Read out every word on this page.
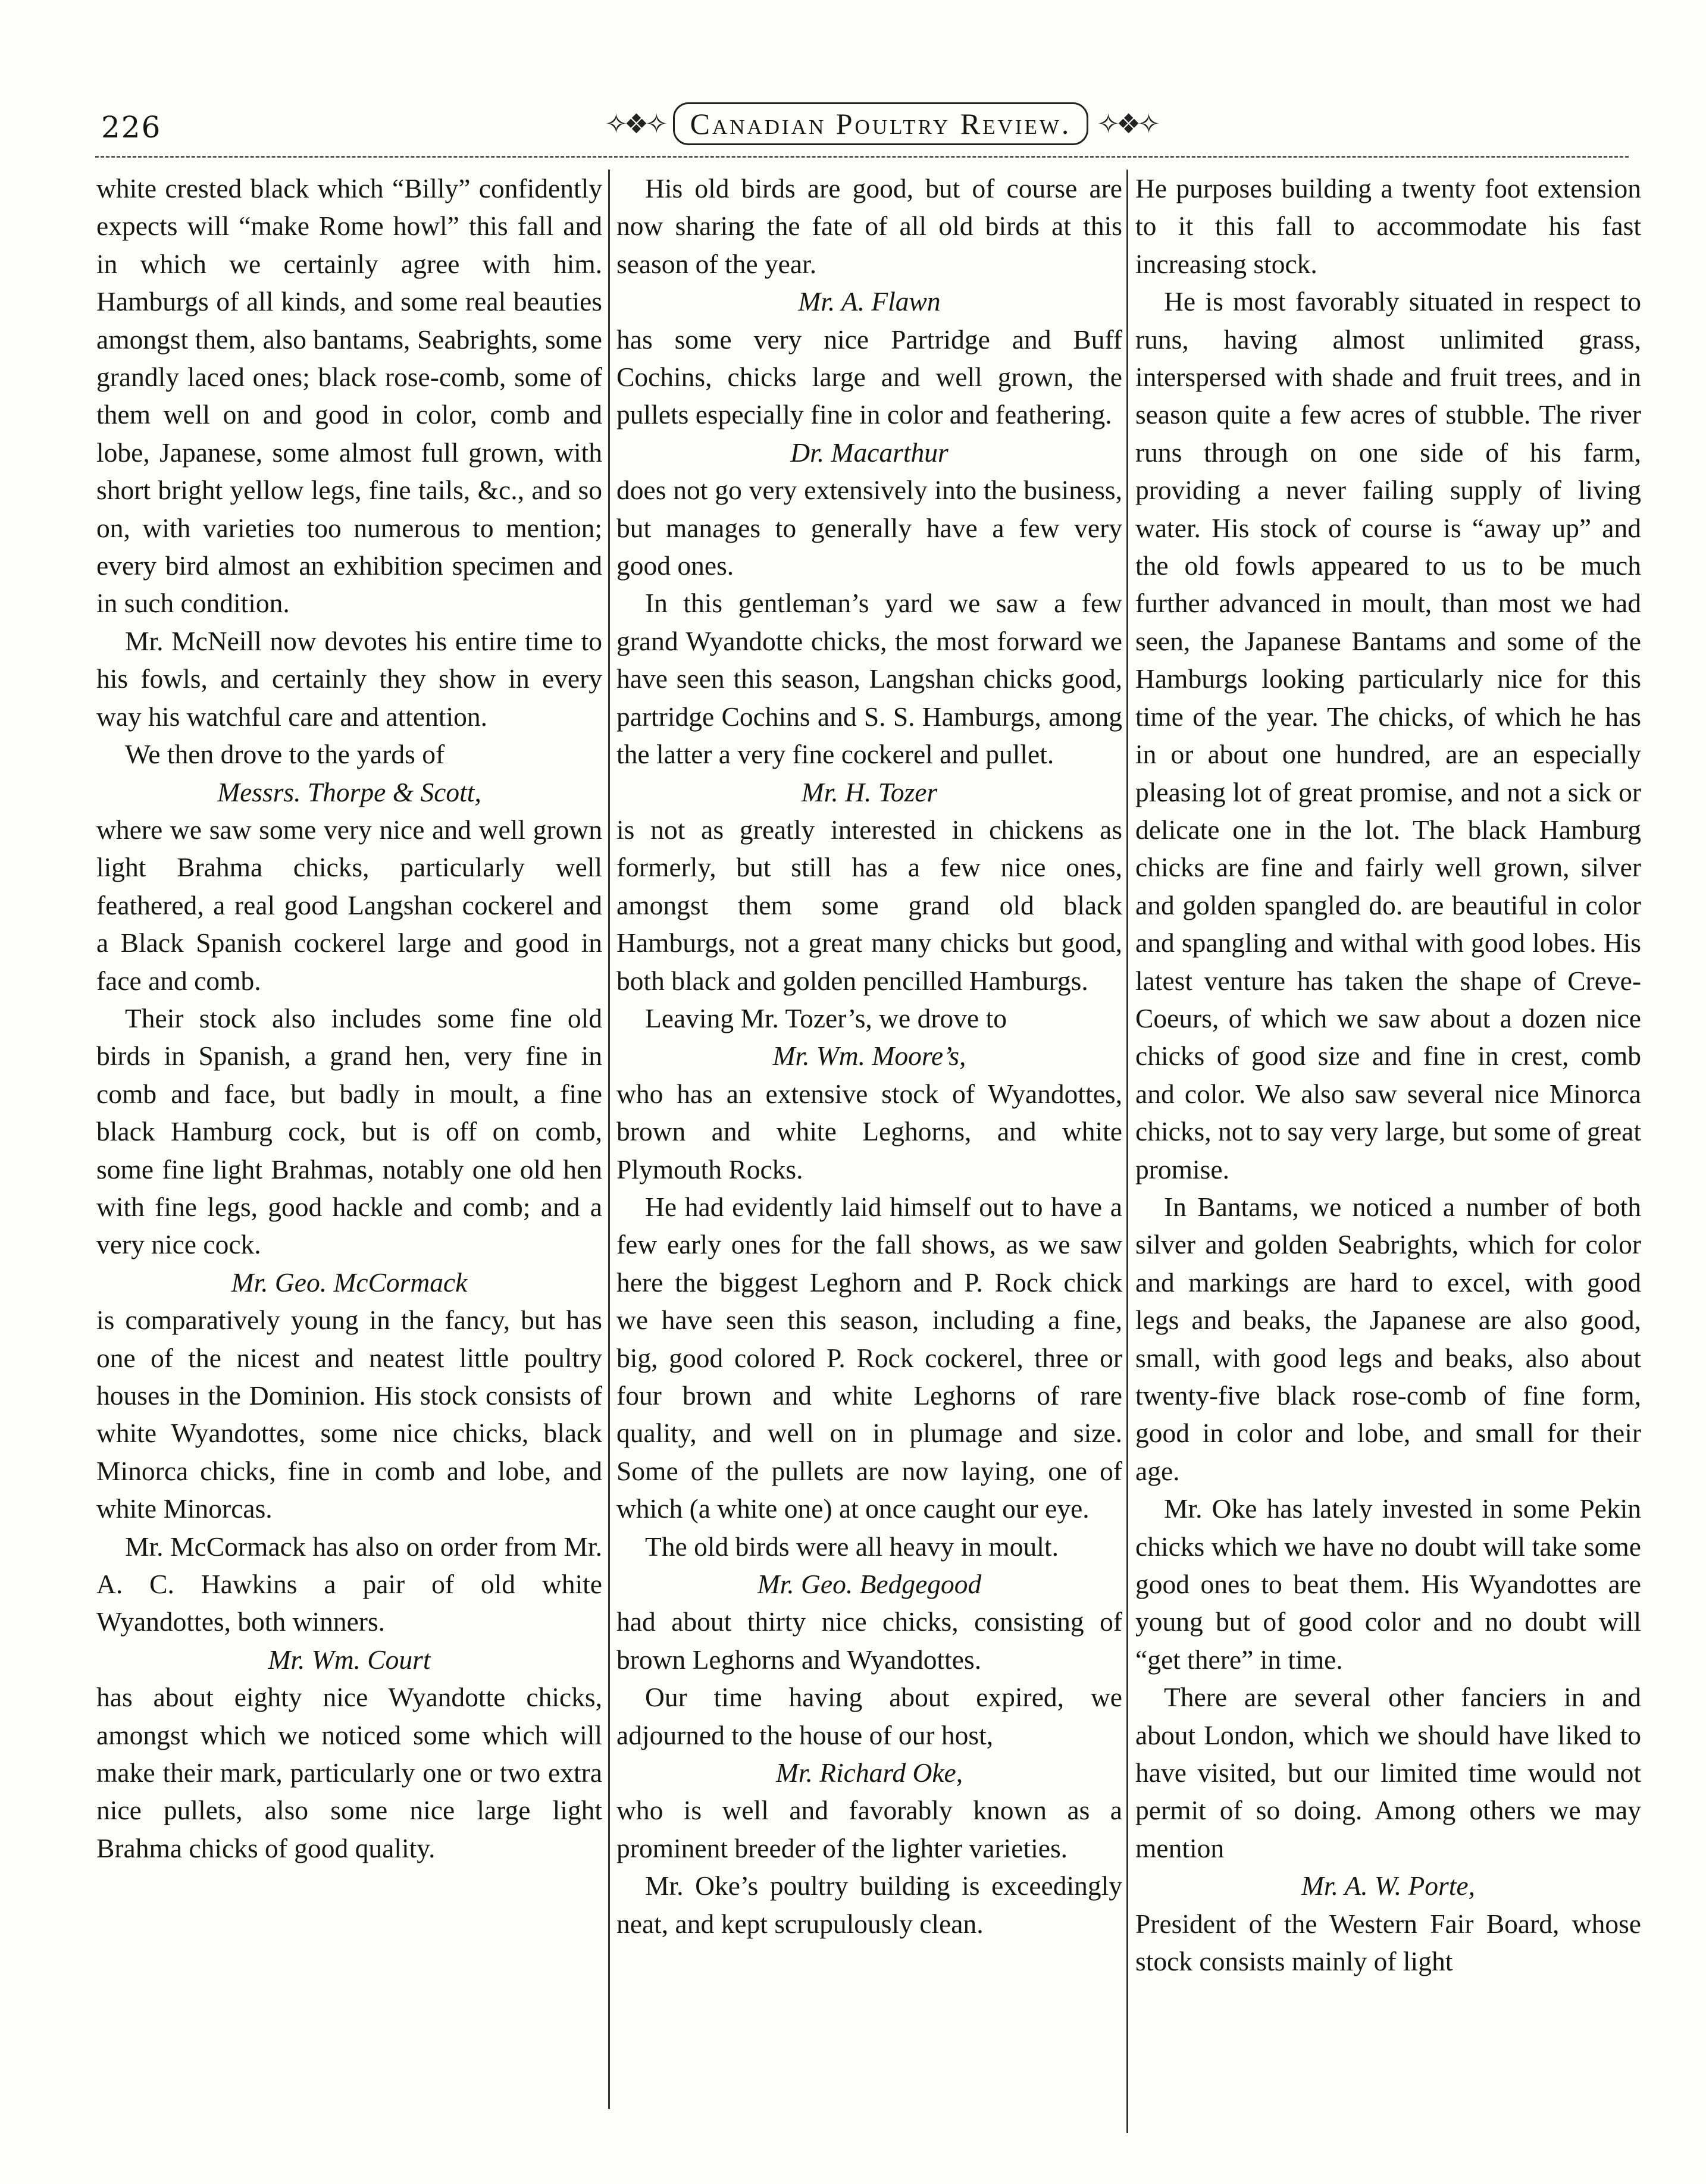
226	✧❖✧ Canadian Poultry Review. ✧❖✧

white crested black which “Billy” confidently expects will “make Rome howl” this fall and in which we certainly agree with him. Hamburgs of all kinds, and some real beauties amongst them, also bantams, Seabrights, some grandly laced ones; black rose-comb, some of them well on and good in color, comb and lobe, Japanese, some almost full grown, with short bright yellow legs, fine tails, &c., and so on, with varieties too numerous to mention; every bird almost an exhibition specimen and in such condition.

Mr. McNeill now devotes his entire time to his fowls, and certainly they show in every way his watchful care and attention.

We then drove to the yards of

Messrs. Thorpe & Scott,

where we saw some very nice and well grown light Brahma chicks, particularly well feathered, a real good Langshan cockerel and a Black Spanish cockerel large and good in face and comb.

Their stock also includes some fine old birds in Spanish, a grand hen, very fine in comb and face, but badly in moult, a fine black Hamburg cock, but is off on comb, some fine light Brahmas, notably one old hen with fine legs, good hackle and comb; and a very nice cock.

Mr. Geo. McCormack

is comparatively young in the fancy, but has one of the nicest and neatest little poultry houses in the Dominion. His stock consists of white Wyandottes, some nice chicks, black Minorca chicks, fine in comb and lobe, and white Minorcas.

Mr. McCormack has also on order from Mr. A. C. Hawkins a pair of old white Wyandottes, both winners.

Mr. Wm. Court

has about eighty nice Wyandotte chicks, amongst which we noticed some which will make their mark, particularly one or two extra nice pullets, also some nice large light Brahma chicks of good quality.

His old birds are good, but of course are now sharing the fate of all old birds at this season of the year.

Mr. A. Flawn

has some very nice Partridge and Buff Cochins, chicks large and well grown, the pullets especially fine in color and feathering.

Dr. Macarthur

does not go very extensively into the business, but manages to generally have a few very good ones.

In this gentleman’s yard we saw a few grand Wyandotte chicks, the most forward we have seen this season, Langshan chicks good, partridge Cochins and S. S. Hamburgs, among the latter a very fine cockerel and pullet.

Mr. H. Tozer

is not as greatly interested in chickens as formerly, but still has a few nice ones, amongst them some grand old black Hamburgs, not a great many chicks but good, both black and golden pencilled Hamburgs.

Leaving Mr. Tozer’s, we drove to

Mr. Wm. Moore’s,

who has an extensive stock of Wyandottes, brown and white Leghorns, and white Plymouth Rocks.

He had evidently laid himself out to have a few early ones for the fall shows, as we saw here the biggest Leghorn and P. Rock chick we have seen this season, including a fine, big, good colored P. Rock cockerel, three or four brown and white Leghorns of rare quality, and well on in plumage and size. Some of the pullets are now laying, one of which (a white one) at once caught our eye.

The old birds were all heavy in moult.

Mr. Geo. Bedgegood

had about thirty nice chicks, consisting of brown Leghorns and Wyandottes.

Our time having about expired, we adjourned to the house of our host,

Mr. Richard Oke,

who is well and favorably known as a prominent breeder of the lighter varieties.

Mr. Oke’s poultry building is exceedingly neat, and kept scrupulously clean.

He purposes building a twenty foot extension to it this fall to accommodate his fast increasing stock.

He is most favorably situated in respect to runs, having almost unlimited grass, interspersed with shade and fruit trees, and in season quite a few acres of stubble. The river runs through on one side of his farm, providing a never failing supply of living water. His stock of course is “away up” and the old fowls appeared to us to be much further advanced in moult, than most we had seen, the Japanese Bantams and some of the Hamburgs looking particularly nice for this time of the year. The chicks, of which he has in or about one hundred, are an especially pleasing lot of great promise, and not a sick or delicate one in the lot. The black Hamburg chicks are fine and fairly well grown, silver and golden spangled do. are beautiful in color and spangling and withal with good lobes. His latest venture has taken the shape of Creve-Coeurs, of which we saw about a dozen nice chicks of good size and fine in crest, comb and color. We also saw several nice Minorca chicks, not to say very large, but some of great promise.

In Bantams, we noticed a number of both silver and golden Seabrights, which for color and markings are hard to excel, with good legs and beaks, the Japanese are also good, small, with good legs and beaks, also about twenty-five black rose-comb of fine form, good in color and lobe, and small for their age.

Mr. Oke has lately invested in some Pekin chicks which we have no doubt will take some good ones to beat them. His Wyandottes are young but of good color and no doubt will “get there” in time.

There are several other fanciers in and about London, which we should have liked to have visited, but our limited time would not permit of so doing. Among others we may mention

Mr. A. W. Porte,

President of the Western Fair Board, whose stock consists mainly of light
